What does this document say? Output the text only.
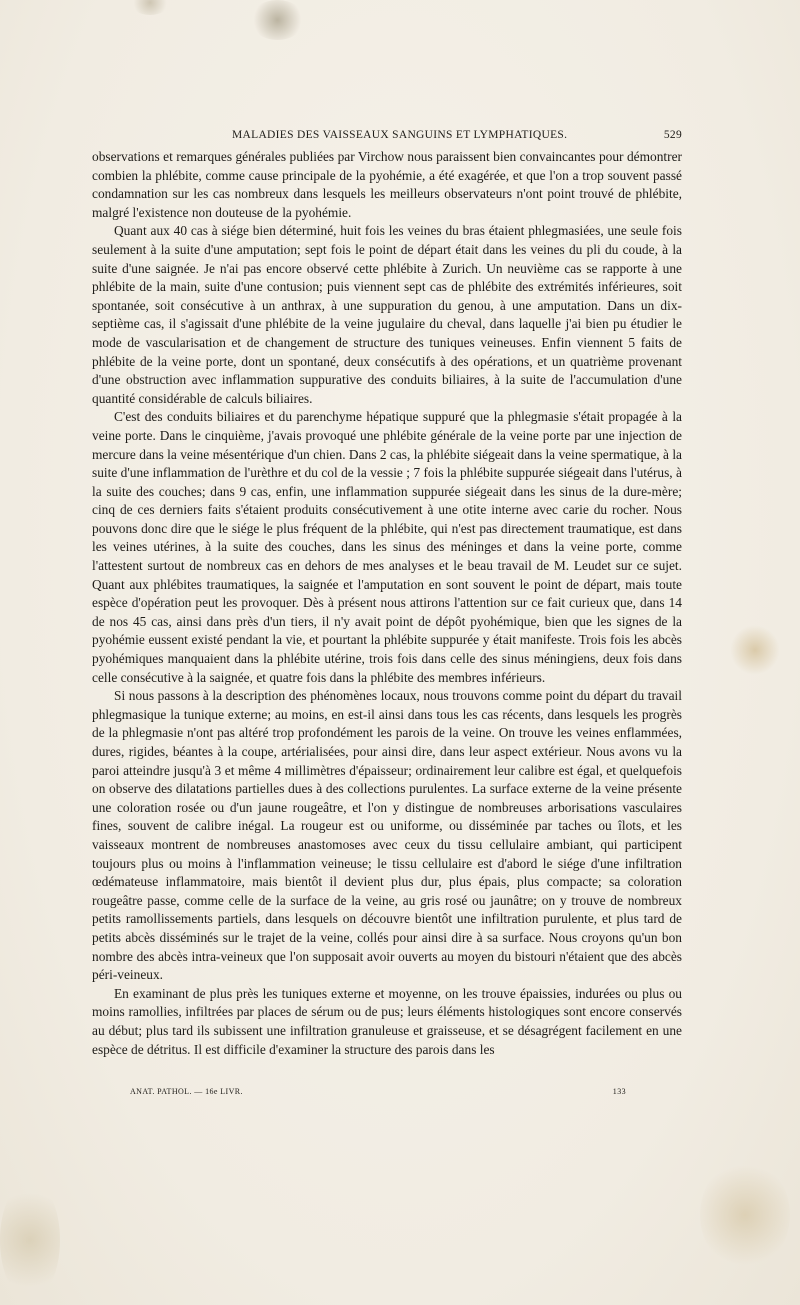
MALADIES DES VAISSEAUX SANGUINS ET LYMPHATIQUES.	529

observations et remarques générales publiées par Virchow nous paraissent bien convaincantes pour démontrer combien la phlébite, comme cause principale de la pyohémie, a été exagérée, et que l'on a trop souvent passé condamnation sur les cas nombreux dans lesquels les meilleurs observateurs n'ont point trouvé de phlébite, malgré l'existence non douteuse de la pyohémie.

Quant aux 40 cas à siége bien déterminé, huit fois les veines du bras étaient phlegmasiées, une seule fois seulement à la suite d'une amputation; sept fois le point de départ était dans les veines du pli du coude, à la suite d'une saignée. Je n'ai pas encore observé cette phlébite à Zurich. Un neuvième cas se rapporte à une phlébite de la main, suite d'une contusion; puis viennent sept cas de phlébite des extrémités inférieures, soit spontanée, soit consécutive à un anthrax, à une suppuration du genou, à une amputation. Dans un dix-septième cas, il s'agissait d'une phlébite de la veine jugulaire du cheval, dans laquelle j'ai bien pu étudier le mode de vascularisation et de changement de structure des tuniques veineuses. Enfin viennent 5 faits de phlébite de la veine porte, dont un spontané, deux consécutifs à des opérations, et un quatrième provenant d'une obstruction avec inflammation suppurative des conduits biliaires, à la suite de l'accumulation d'une quantité considérable de calculs biliaires.

C'est des conduits biliaires et du parenchyme hépatique suppuré que la phlegmasie s'était propagée à la veine porte. Dans le cinquième, j'avais provoqué une phlébite générale de la veine porte par une injection de mercure dans la veine mésentérique d'un chien. Dans 2 cas, la phlébite siégeait dans la veine spermatique, à la suite d'une inflammation de l'urèthre et du col de la vessie ; 7 fois la phlébite suppurée siégeait dans l'utérus, à la suite des couches; dans 9 cas, enfin, une inflammation suppurée siégeait dans les sinus de la dure-mère; cinq de ces derniers faits s'étaient produits consécutivement à une otite interne avec carie du rocher. Nous pouvons donc dire que le siége le plus fréquent de la phlébite, qui n'est pas directement traumatique, est dans les veines utérines, à la suite des couches, dans les sinus des méninges et dans la veine porte, comme l'attestent surtout de nombreux cas en dehors de mes analyses et le beau travail de M. Leudet sur ce sujet. Quant aux phlébites traumatiques, la saignée et l'amputation en sont souvent le point de départ, mais toute espèce d'opération peut les provoquer. Dès à présent nous attirons l'attention sur ce fait curieux que, dans 14 de nos 45 cas, ainsi dans près d'un tiers, il n'y avait point de dépôt pyohémique, bien que les signes de la pyohémie eussent existé pendant la vie, et pourtant la phlébite suppurée y était manifeste. Trois fois les abcès pyohémiques manquaient dans la phlébite utérine, trois fois dans celle des sinus méningiens, deux fois dans celle consécutive à la saignée, et quatre fois dans la phlébite des membres inférieurs.

Si nous passons à la description des phénomènes locaux, nous trouvons comme point du départ du travail phlegmasique la tunique externe; au moins, en est-il ainsi dans tous les cas récents, dans lesquels les progrès de la phlegmasie n'ont pas altéré trop profondément les parois de la veine. On trouve les veines enflammées, dures, rigides, béantes à la coupe, artérialisées, pour ainsi dire, dans leur aspect extérieur. Nous avons vu la paroi atteindre jusqu'à 3 et même 4 millimètres d'épaisseur; ordinairement leur calibre est égal, et quelquefois on observe des dilatations partielles dues à des collections purulentes. La surface externe de la veine présente une coloration rosée ou d'un jaune rougeâtre, et l'on y distingue de nombreuses arborisations vasculaires fines, souvent de calibre inégal. La rougeur est ou uniforme, ou disséminée par taches ou îlots, et les vaisseaux montrent de nombreuses anastomoses avec ceux du tissu cellulaire ambiant, qui participent toujours plus ou moins à l'inflammation veineuse; le tissu cellulaire est d'abord le siége d'une infiltration œdémateuse inflammatoire, mais bientôt il devient plus dur, plus épais, plus compacte; sa coloration rougeâtre passe, comme celle de la surface de la veine, au gris rosé ou jaunâtre; on y trouve de nombreux petits ramollissements partiels, dans lesquels on découvre bientôt une infiltration purulente, et plus tard de petits abcès disséminés sur le trajet de la veine, collés pour ainsi dire à sa surface. Nous croyons qu'un bon nombre des abcès intra-veineux que l'on supposait avoir ouverts au moyen du bistouri n'étaient que des abcès péri-veineux.

En examinant de plus près les tuniques externe et moyenne, on les trouve épaissies, indurées ou plus ou moins ramollies, infiltrées par places de sérum ou de pus; leurs éléments histologiques sont encore conservés au début; plus tard ils subissent une infiltration granuleuse et graisseuse, et se désagrégent facilement en une espèce de détritus. Il est difficile d'examiner la structure des parois dans les

ANAT. PATHOL. — 16e LIVR.	133
